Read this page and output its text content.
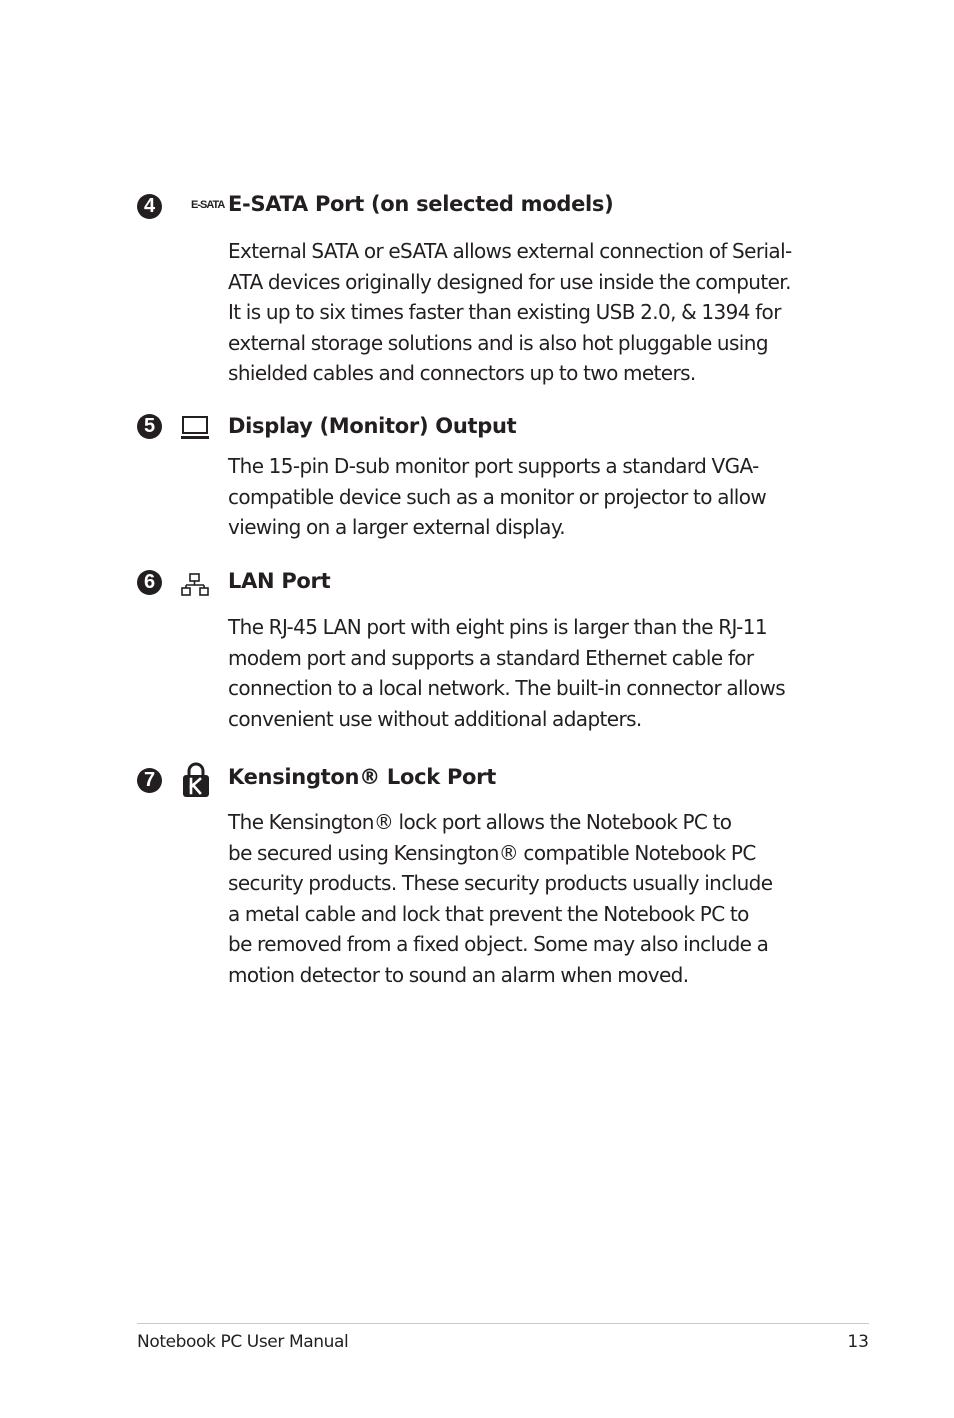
4	E-SATA E-SATA Port (on selected models)

External SATA or eSATA allows external connection of Serial-
ATA devices originally designed for use inside the computer.
It is up to six times faster than existing USB 2.0, & 1394 for
external storage solutions and is also hot pluggable using
shielded cables and connectors up to two meters.

5	Display (Monitor) Output

The 15-pin D-sub monitor port supports a standard VGA-
compatible device such as a monitor or projector to allow
viewing on a larger external display.

6	LAN Port

The RJ-45 LAN port with eight pins is larger than the RJ-11
modem port and supports a standard Ethernet cable for
connection to a local network. The built-in connector allows
convenient use without additional adapters.

7	Kensington® Lock Port

The Kensington® lock port allows the Notebook PC to
be secured using Kensington® compatible Notebook PC
security products. These security products usually include
a metal cable and lock that prevent the Notebook PC to
be removed from a fixed object. Some may also include a
motion detector to sound an alarm when moved.

Notebook PC User Manual	13
